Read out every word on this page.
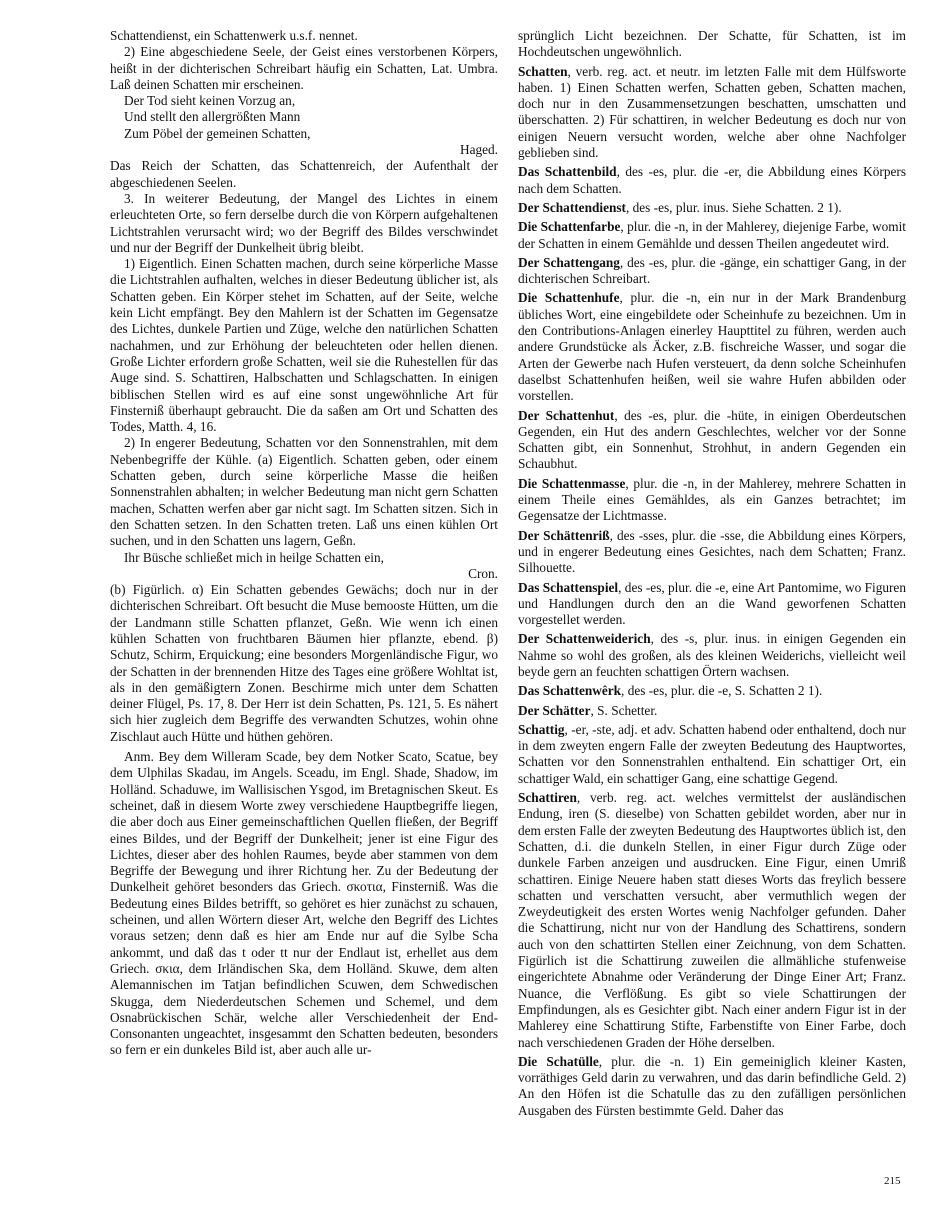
Schattendienst, ein Schattenwerk u.s.f. nennet.

2) Eine abgeschiedene Seele, der Geist eines verstorbenen Körpers, heißt in der dichterischen Schreibart häufig ein Schatten, Lat. Umbra. Laß deinen Schatten mir erscheinen.

Der Tod sieht keinen Vorzug an,

Und stellt den allergrößten Mann

Zum Pöbel der gemeinen Schatten,

Haged.

Das Reich der Schatten, das Schattenreich, der Aufenthalt der abgeschiedenen Seelen.

3. In weiterer Bedeutung, der Mangel des Lichtes in einem erleuchteten Orte, so fern derselbe durch die von Körpern aufgehaltenen Lichtstrahlen verursacht wird; wo der Begriff des Bildes verschwindet und nur der Begriff der Dunkelheit übrig bleibt.

1) Eigentlich. Einen Schatten machen, durch seine körperliche Masse die Lichtstrahlen aufhalten, welches in dieser Bedeutung üblicher ist, als Schatten geben. Ein Körper stehet im Schatten, auf der Seite, welche kein Licht empfängt. Bey den Mahlern ist der Schatten im Gegensatze des Lichtes, dunkele Partien und Züge, welche den natürlichen Schatten nachahmen, und zur Erhöhung der beleuchteten oder hellen dienen. Große Lichter erfordern große Schatten, weil sie die Ruhestellen für das Auge sind. S. Schattiren, Halbschatten und Schlagschatten. In einigen biblischen Stellen wird es auf eine sonst ungewöhnliche Art für Finsterniß überhaupt gebraucht. Die da saßen am Ort und Schatten des Todes, Matth. 4, 16.

2) In engerer Bedeutung, Schatten vor den Sonnenstrahlen, mit dem Nebenbegriffe der Kühle. (a) Eigentlich. Schatten geben, oder einem Schatten geben, durch seine körperliche Masse die heißen Sonnenstrahlen abhalten; in welcher Bedeutung man nicht gern Schatten machen, Schatten werfen aber gar nicht sagt. Im Schatten sitzen. Sich in den Schatten setzen. In den Schatten treten. Laß uns einen kühlen Ort suchen, und in den Schatten uns lagern, Geßn.

Ihr Büsche schließet mich in heilge Schatten ein,

Cron.

(b) Figürlich. α) Ein Schatten gebendes Gewächs; doch nur in der dichterischen Schreibart. Oft besucht die Muse bemooste Hütten, um die der Landmann stille Schatten pflanzet, Geßn. Wie wenn ich einen kühlen Schatten von fruchtbaren Bäumen hier pflanzte, ebend. β) Schutz, Schirm, Erquickung; eine besonders Morgenländische Figur, wo der Schatten in der brennenden Hitze des Tages eine größere Wohltat ist, als in den gemäßigtern Zonen. Beschirme mich unter dem Schatten deiner Flügel, Ps. 17, 8. Der Herr ist dein Schatten, Ps. 121, 5. Es nähert sich hier zugleich dem Begriffe des verwandten Schutzes, wohin ohne Zischlaut auch Hütte und hüthen gehören.

Anm. Bey dem Willeram Scade, bey dem Notker Scato, Scatue, bey dem Ulphilas Skadau, im Angels. Sceadu, im Engl. Shade, Shadow, im Holländ. Schaduwe, im Wallisischen Ysgod, im Bretagnischen Skeut. Es scheinet, daß in diesem Worte zwey verschiedene Hauptbegriffe liegen, die aber doch aus Einer gemeinschaftlichen Quellen fließen, der Begriff eines Bildes, und der Begriff der Dunkelheit; jener ist eine Figur des Lichtes, dieser aber des hohlen Raumes, beyde aber stammen von dem Begriffe der Bewegung und ihrer Richtung her. Zu der Bedeutung der Dunkelheit gehöret besonders das Griech. σκοτια, Finsterniß. Was die Bedeutung eines Bildes betrifft, so gehöret es hier zunächst zu schauen, scheinen, und allen Wörtern dieser Art, welche den Begriff des Lichtes voraus setzen; denn daß es hier am Ende nur auf die Sylbe Scha ankommt, und daß das t oder tt nur der Endlaut ist, erhellet aus dem Griech. σκια, dem Irländischen Ska, dem Holländ. Skuwe, dem alten Alemannischen im Tatjan befindlichen Scuwen, dem Schwedischen Skugga, dem Niederdeutschen Schemen und Schemel, und dem Osnabrückischen Schär, welche aller Verschiedenheit der End-Consonanten ungeachtet, insgesammt den Schatten bedeuten, besonders so fern er ein dunkeles Bild ist, aber auch alle ur-

sprünglich Licht bezeichnen. Der Schatte, für Schatten, ist im Hochdeutschen ungewöhnlich.

Schatten, verb. reg. act. et neutr. im letzten Falle mit dem Hülfsworte haben. 1) Einen Schatten werfen, Schatten geben, Schatten machen, doch nur in den Zusammensetzungen beschatten, umschatten und überschatten. 2) Für schattiren, in welcher Bedeutung es doch nur von einigen Neuern versucht worden, welche aber ohne Nachfolger geblieben sind.

Das Schattenbild, des -es, plur. die -er, die Abbildung eines Körpers nach dem Schatten.

Der Schattendienst, des -es, plur. inus. Siehe Schatten. 2 1).

Die Schattenfarbe, plur. die -n, in der Mahlerey, diejenige Farbe, womit der Schatten in einem Gemählde und dessen Theilen angedeutet wird.

Der Schattengang, des -es, plur. die -gänge, ein schattiger Gang, in der dichterischen Schreibart.

Die Schattenhufe, plur. die -n, ein nur in der Mark Brandenburg übliches Wort, eine eingebildete oder Scheinhufe zu bezeichnen. Um in den Contributions-Anlagen einerley Haupttitel zu führen, werden auch andere Grundstücke als Äcker, z.B. fischreiche Wasser, und sogar die Arten der Gewerbe nach Hufen versteuert, da denn solche Scheinhufen daselbst Schattenhufen heißen, weil sie wahre Hufen abbilden oder vorstellen.

Der Schattenhut, des -es, plur. die -hüte, in einigen Oberdeutschen Gegenden, ein Hut des andern Geschlechtes, welcher vor der Sonne Schatten gibt, ein Sonnenhut, Strohhut, in andern Gegenden ein Schaubhut.

Die Schattenmasse, plur. die -n, in der Mahlerey, mehrere Schatten in einem Theile eines Gemähldes, als ein Ganzes betrachtet; im Gegensatze der Lichtmasse.

Der Schättenriß, des -sses, plur. die -sse, die Abbildung eines Körpers, und in engerer Bedeutung eines Gesichtes, nach dem Schatten; Franz. Silhouette.

Das Schattenspiel, des -es, plur. die -e, eine Art Pantomime, wo Figuren und Handlungen durch den an die Wand geworfenen Schatten vorgestellet werden.

Der Schattenweiderich, des -s, plur. inus. in einigen Gegenden ein Nahme so wohl des großen, als des kleinen Weiderichs, vielleicht weil beyde gern an feuchten schattigen Örtern wachsen.

Das Schattenwêrk, des -es, plur. die -e, S. Schatten 2 1).

Der Schätter, S. Schetter.

Schattig, -er, -ste, adj. et adv. Schatten habend oder enthaltend, doch nur in dem zweyten engern Falle der zweyten Bedeutung des Hauptwortes, Schatten vor den Sonnenstrahlen enthaltend. Ein schattiger Ort, ein schattiger Wald, ein schattiger Gang, eine schattige Gegend.

Schattiren, verb. reg. act. welches vermittelst der ausländischen Endung, iren (S. dieselbe) von Schatten gebildet worden, aber nur in dem ersten Falle der zweyten Bedeutung des Hauptwortes üblich ist, den Schatten, d.i. die dunkeln Stellen, in einer Figur durch Züge oder dunkele Farben anzeigen und ausdrucken. Eine Figur, einen Umriß schattiren. Einige Neuere haben statt dieses Worts das freylich bessere schatten und verschatten versucht, aber vermuthlich wegen der Zweydeutigkeit des ersten Wortes wenig Nachfolger gefunden. Daher die Schattirung, nicht nur von der Handlung des Schattirens, sondern auch von den schattirten Stellen einer Zeichnung, von dem Schatten. Figürlich ist die Schattirung zuweilen die allmähliche stufenweise eingerichtete Abnahme oder Veränderung der Dinge Einer Art; Franz. Nuance, die Verflößung. Es gibt so viele Schattirungen der Empfindungen, als es Gesichter gibt. Nach einer andern Figur ist in der Mahlerey eine Schattirung Stifte, Farbenstifte von Einer Farbe, doch nach verschiedenen Graden der Höhe derselben.

Die Schatülle, plur. die -n. 1) Ein gemeiniglich kleiner Kasten, vorräthiges Geld darin zu verwahren, und das darin befindliche Geld. 2) An den Höfen ist die Schatulle das zu den zufälligen persönlichen Ausgaben des Fürsten bestimmte Geld. Daher das

215
